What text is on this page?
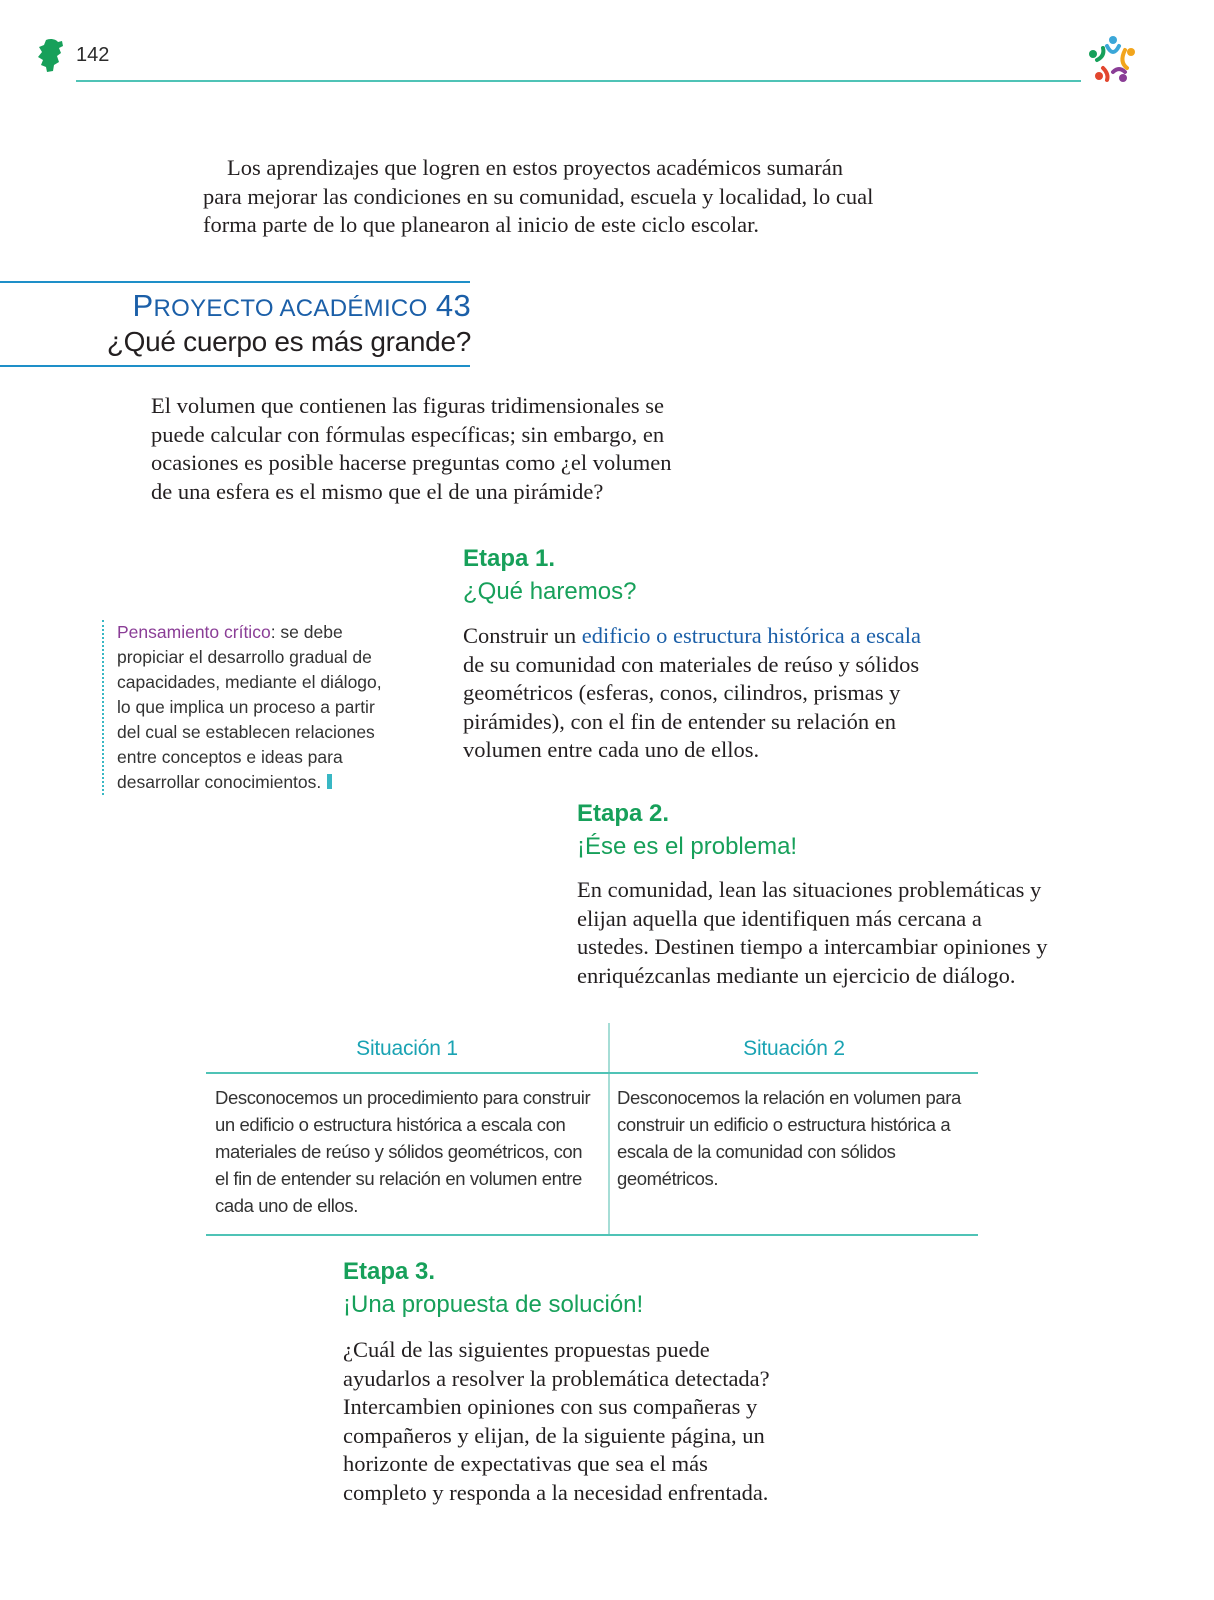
142

Los aprendizajes que logren en estos proyectos académicos sumarán para mejorar las condiciones en su comunidad, escuela y localidad, lo cual forma parte de lo que planearon al inicio de este ciclo escolar.

PROYECTO ACADÉMICO 43
¿Qué cuerpo es más grande?

El volumen que contienen las figuras tridimensionales se puede calcular con fórmulas específicas; sin embargo, en ocasiones es posible hacerse preguntas como ¿el volumen de una esfera es el mismo que el de una pirámide?

Pensamiento crítico: se debe propiciar el desarrollo gradual de capacidades, mediante el diálogo, lo que implica un proceso a partir del cual se establecen relaciones entre conceptos e ideas para desarrollar conocimientos.
Etapa 1.
¿Qué haremos?

Construir un edificio o estructura histórica a escala de su comunidad con materiales de reúso y sólidos geométricos (esferas, conos, cilindros, prismas y pirámides), con el fin de entender su relación en volumen entre cada uno de ellos.

Etapa 2.
¡Ése es el problema!

En comunidad, lean las situaciones problemáticas y elijan aquella que identifiquen más cercana a ustedes. Destinen tiempo a intercambiar opiniones y enriquézcanlas mediante un ejercicio de diálogo.

Situación 1	Situación 2
Desconocemos un procedimiento para construir un edificio o estructura histórica a escala con materiales de reúso y sólidos geométricos, con el fin de entender su relación en volumen entre cada uno de ellos.
Desconocemos la relación en volumen para construir un edificio o estructura histórica a escala de la comunidad con sólidos geométricos.
Etapa 3.
¡Una propuesta de solución!

¿Cuál de las siguientes propuestas puede ayudarlos a resolver la problemática detectada? Intercambien opiniones con sus compañeras y compañeros y elijan, de la siguiente página, un horizonte de expectativas que sea el más completo y responda a la necesidad enfrentada.
